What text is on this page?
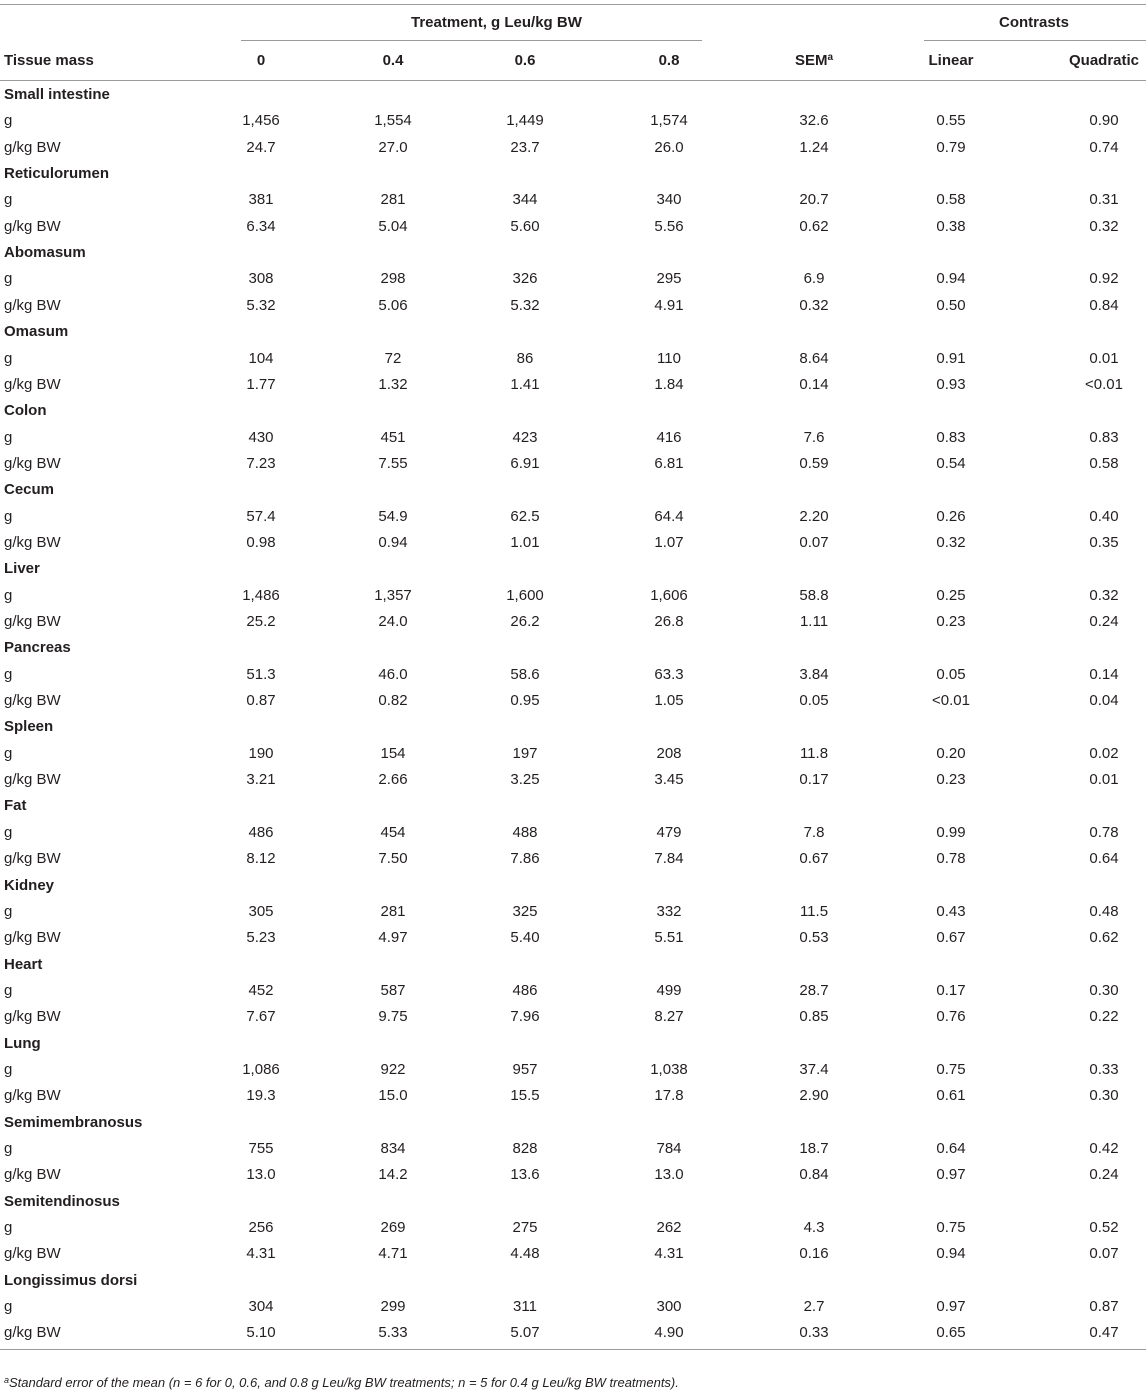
Treatment, g Leu/kg BW	Contrasts
Tissue mass	0	0.4	0.6	0.8	SEM$^a$	Linear	Quadratic
Small intestine
g	1,456	1,554	1,449	1,574	32.6	0.55	0.90
g/kg BW	24.7	27.0	23.7	26.0	1.24	0.79	0.74
Reticulorumen
g	381	281	344	340	20.7	0.58	0.31
g/kg BW	6.34	5.04	5.60	5.56	0.62	0.38	0.32
Abomasum
g	308	298	326	295	6.9	0.94	0.92
g/kg BW	5.32	5.06	5.32	4.91	0.32	0.50	0.84
Omasum
g	104	72	86	110	8.64	0.91	0.01
g/kg BW	1.77	1.32	1.41	1.84	0.14	0.93	<0.01
Colon
g	430	451	423	416	7.6	0.83	0.83
g/kg BW	7.23	7.55	6.91	6.81	0.59	0.54	0.58
Cecum
g	57.4	54.9	62.5	64.4	2.20	0.26	0.40
g/kg BW	0.98	0.94	1.01	1.07	0.07	0.32	0.35
Liver
g	1,486	1,357	1,600	1,606	58.8	0.25	0.32
g/kg BW	25.2	24.0	26.2	26.8	1.11	0.23	0.24
Pancreas
g	51.3	46.0	58.6	63.3	3.84	0.05	0.14
g/kg BW	0.87	0.82	0.95	1.05	0.05	<0.01	0.04
Spleen
g	190	154	197	208	11.8	0.20	0.02
g/kg BW	3.21	2.66	3.25	3.45	0.17	0.23	0.01
Fat
g	486	454	488	479	7.8	0.99	0.78
g/kg BW	8.12	7.50	7.86	7.84	0.67	0.78	0.64
Kidney
g	305	281	325	332	11.5	0.43	0.48
g/kg BW	5.23	4.97	5.40	5.51	0.53	0.67	0.62
Heart
g	452	587	486	499	28.7	0.17	0.30
g/kg BW	7.67	9.75	7.96	8.27	0.85	0.76	0.22
Lung
g	1,086	922	957	1,038	37.4	0.75	0.33
g/kg BW	19.3	15.0	15.5	17.8	2.90	0.61	0.30
Semimembranosus
g	755	834	828	784	18.7	0.64	0.42
g/kg BW	13.0	14.2	13.6	13.0	0.84	0.97	0.24
Semitendinosus
g	256	269	275	262	4.3	0.75	0.52
g/kg BW	4.31	4.71	4.48	4.31	0.16	0.94	0.07
Longissimus dorsi
g	304	299	311	300	2.7	0.97	0.87
g/kg BW	5.10	5.33	5.07	4.90	0.33	0.65	0.47
$^a$Standard error of the mean (n = 6 for 0, 0.6, and 0.8 g Leu/kg BW treatments; n = 5 for 0.4 g Leu/kg BW treatments).
